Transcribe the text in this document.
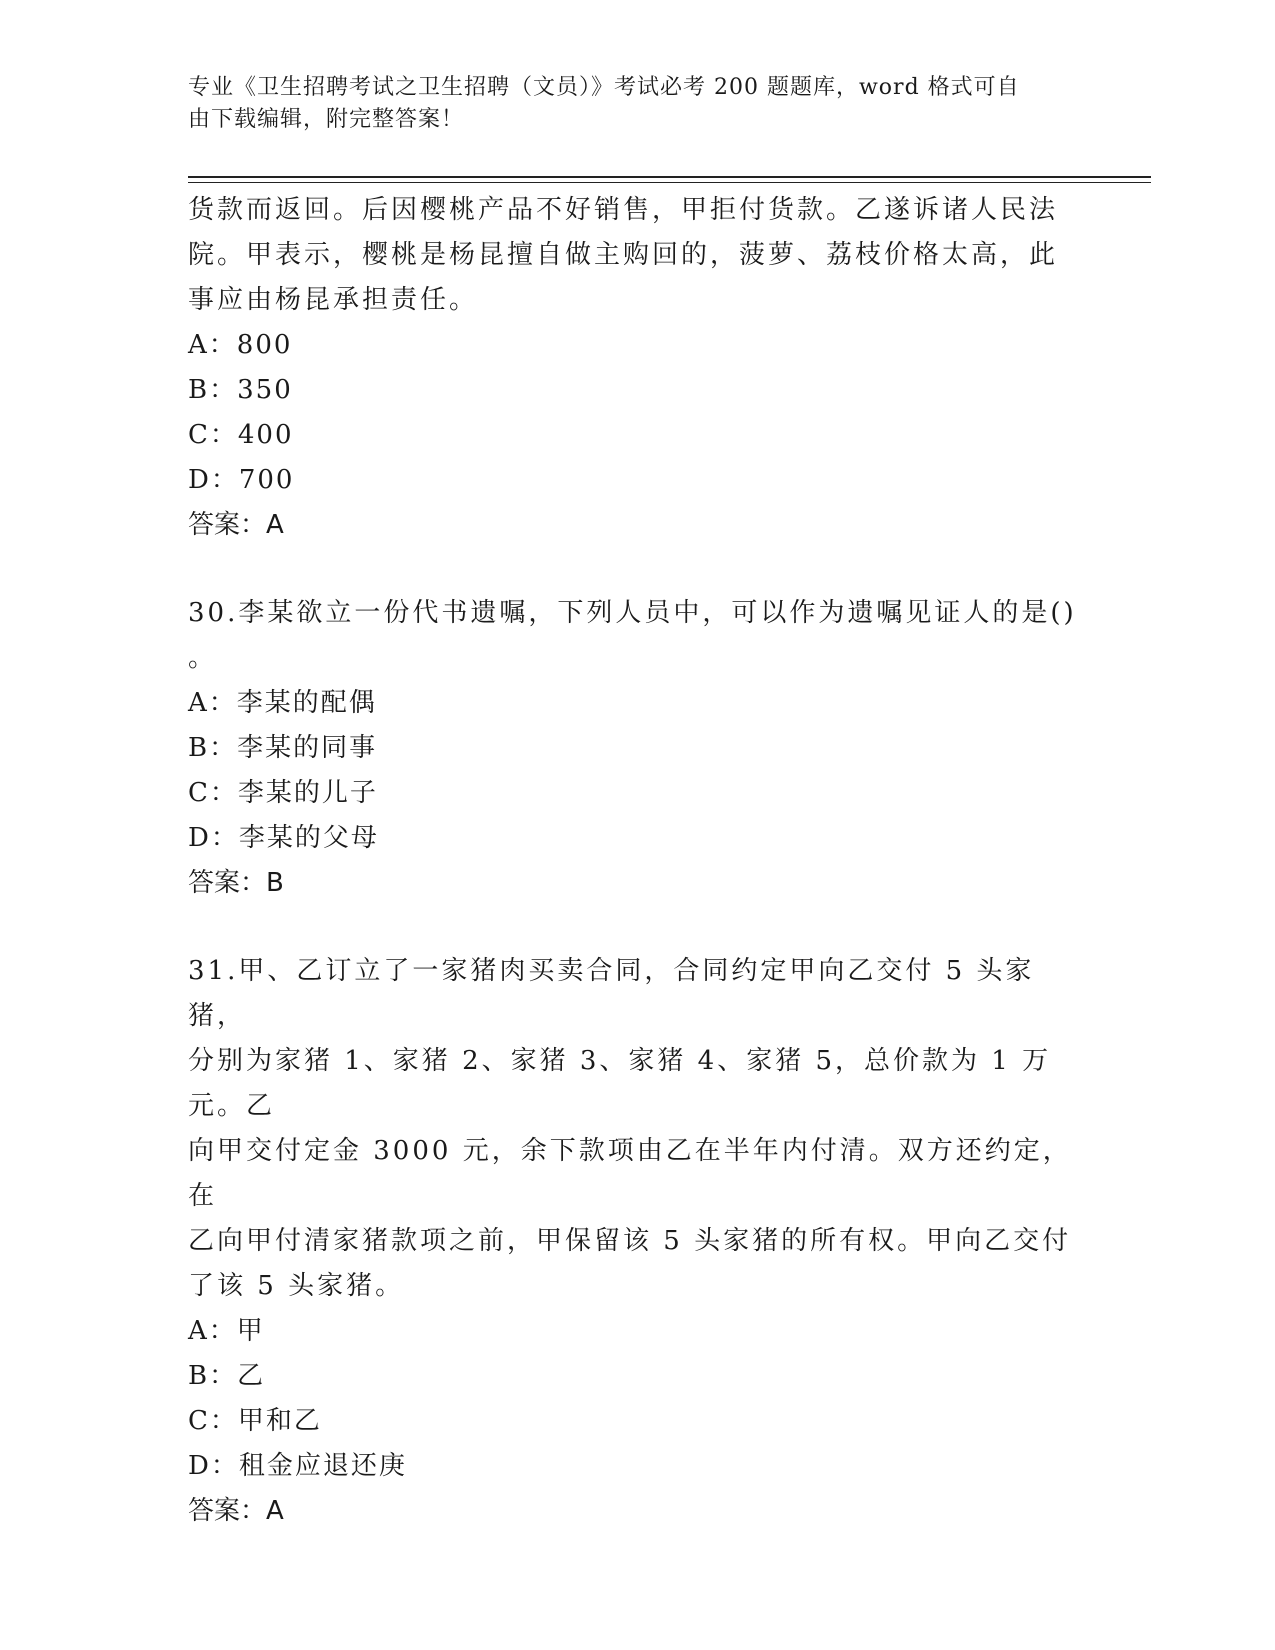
专业《卫生招聘考试之卫生招聘（文员）》考试必考 200 题题库，word 格式可自
由下载编辑，附完整答案！

货款而返回。后因樱桃产品不好销售，甲拒付货款。乙遂诉诸人民法

院。甲表示，樱桃是杨昆擅自做主购回的，菠萝、荔枝价格太高，此

事应由杨昆承担责任。

A：800

B：350

C：400

D：700

答案：A

30.李某欲立一份代书遗嘱，下列人员中，可以作为遗嘱见证人的是()

。

A：李某的配偶

B：李某的同事

C：李某的儿子

D：李某的父母

答案：B

31.甲、乙订立了一家猪肉买卖合同，合同约定甲向乙交付 5 头家猪，

分别为家猪 1、家猪 2、家猪 3、家猪 4、家猪 5，总价款为 1 万元。乙

向甲交付定金 3000 元，余下款项由乙在半年内付清。双方还约定，在

乙向甲付清家猪款项之前，甲保留该 5 头家猪的所有权。甲向乙交付

了该 5 头家猪。

A：甲

B：乙

C：甲和乙

D：租金应退还庚

答案：A
